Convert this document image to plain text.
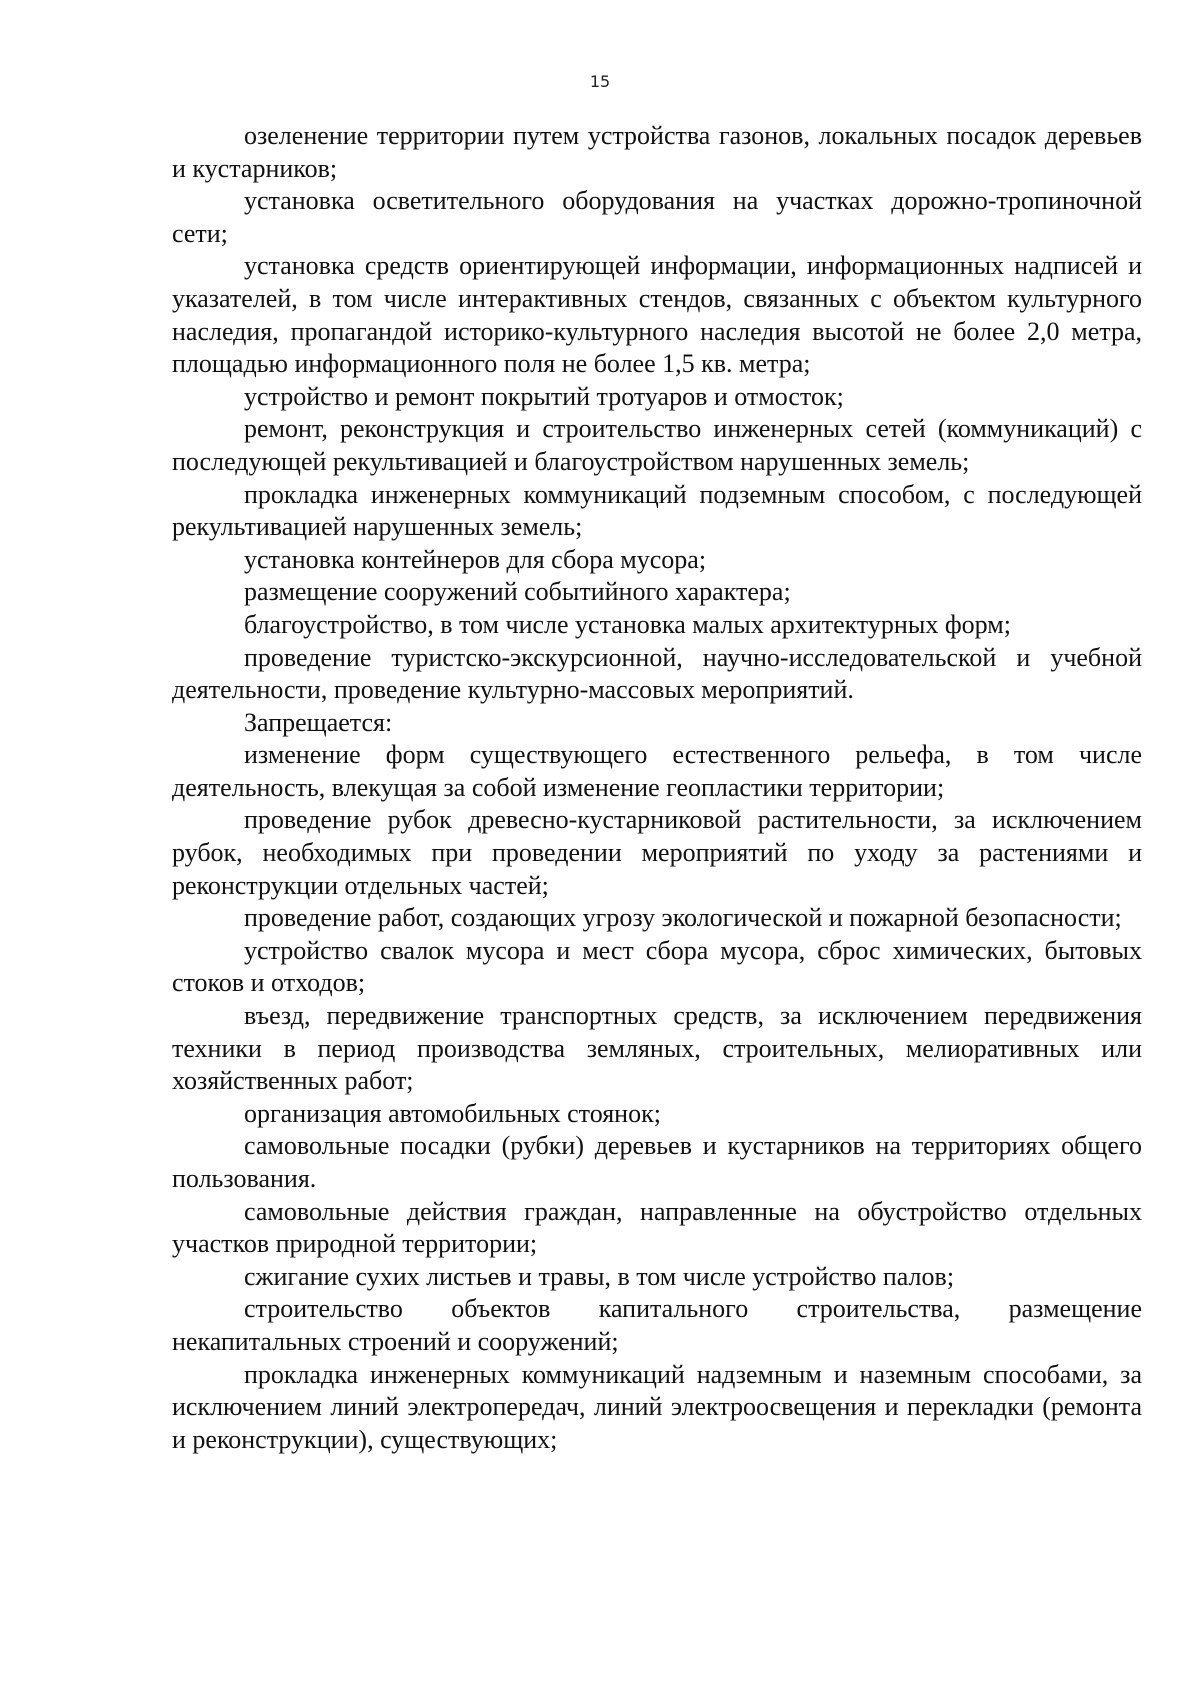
15

озеленение территории путем устройства газонов, локальных посадок деревьев и кустарников;

установка осветительного оборудования на участках дорожно-тропиночной сети;

установка средств ориентирующей информации, информационных надписей и указателей, в том числе интерактивных стендов, связанных с объектом культурного наследия, пропагандой историко-культурного наследия высотой не более 2,0 метра, площадью информационного поля не более 1,5 кв. метра;

устройство и ремонт покрытий тротуаров и отмосток;

ремонт, реконструкция и строительство инженерных сетей (коммуникаций) с последующей рекультивацией и благоустройством нарушенных земель;

прокладка инженерных коммуникаций подземным способом, с последующей рекультивацией нарушенных земель;

установка контейнеров для сбора мусора;

размещение сооружений событийного характера;

благоустройство, в том числе установка малых архитектурных форм;

проведение туристско-экскурсионной, научно-исследовательской и учебной деятельности, проведение культурно-массовых мероприятий.

Запрещается:

изменение форм существующего естественного рельефа, в том числе деятельность, влекущая за собой изменение геопластики территории;

проведение рубок древесно-кустарниковой растительности, за исключением рубок, необходимых при проведении мероприятий по уходу за растениями и реконструкции отдельных частей;

проведение работ, создающих угрозу экологической и пожарной безопасности;

устройство свалок мусора и мест сбора мусора, сброс химических, бытовых стоков и отходов;

въезд, передвижение транспортных средств, за исключением передвижения техники в период производства земляных, строительных, мелиоративных или хозяйственных работ;

организация автомобильных стоянок;

самовольные посадки (рубки) деревьев и кустарников на территориях общего пользования.

самовольные действия граждан, направленные на обустройство отдельных участков природной территории;

сжигание сухих листьев и травы, в том числе устройство палов;

строительство объектов капитального строительства, размещение некапитальных строений и сооружений;

прокладка инженерных коммуникаций надземным и наземным способами, за исключением линий электропередач, линий электроосвещения и перекладки (ремонта и реконструкции), существующих;
